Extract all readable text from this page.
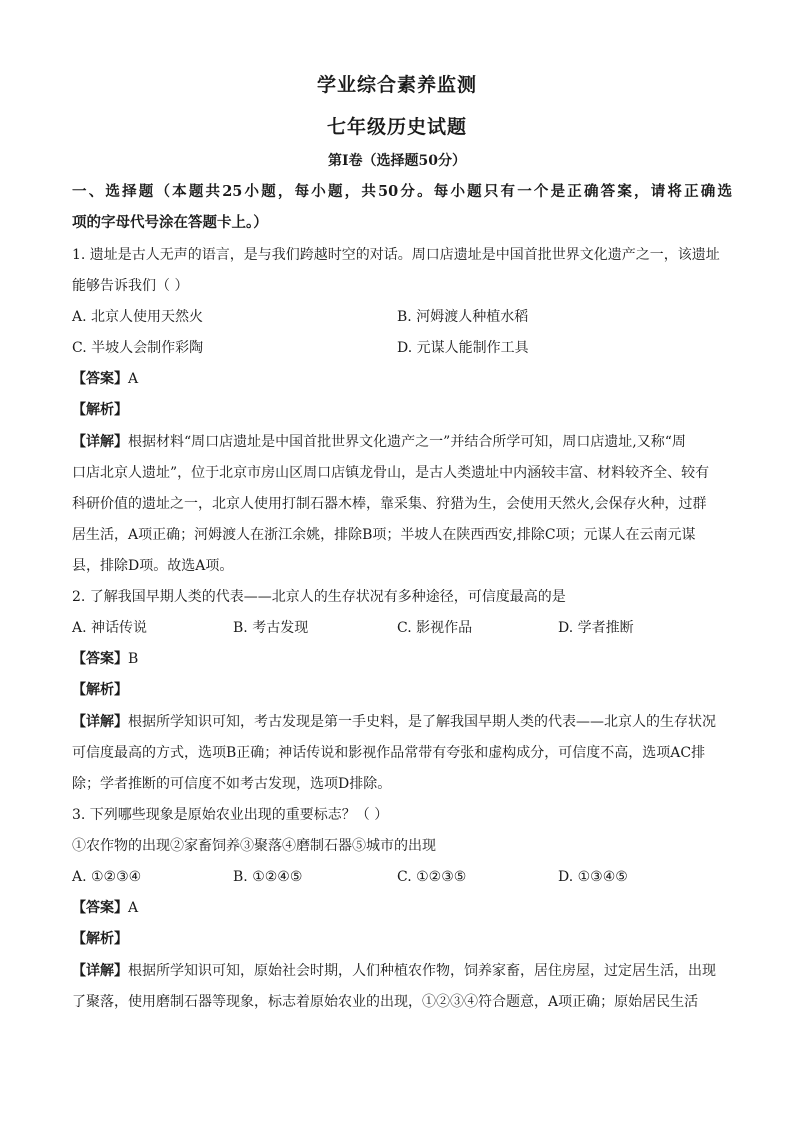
学业综合素养监测
七年级历史试题
第Ⅰ卷（选择题50分）
一、选择题（本题共25小题，每小题，共50分。每小题只有一个是正确答案，请将正确选
项的字母代号涂在答题卡上。）
1. 遗址是古人无声的语言，是与我们跨越时空的对话。周口店遗址是中国首批世界文化遗产之一，该遗址
能够告诉我们（ ）
A. 北京人使用天然火	B. 河姆渡人种植水稻
C. 半坡人会制作彩陶	D. 元谋人能制作工具
【答案】A
【解析】
【详解】根据材料“周口店遗址是中国首批世界文化遗产之一”并结合所学可知，周口店遗址,又称“周
口店北京人遗址”，位于北京市房山区周口店镇龙骨山，是古人类遗址中内涵较丰富、材料较齐全、较有
科研价值的遗址之一，北京人使用打制石器木棒，靠采集、狩猎为生，会使用天然火,会保存火种，过群
居生活，A项正确；河姆渡人在浙江余姚，排除B项；半坡人在陕西西安,排除C项；元谋人在云南元谋
县，排除D项。故选A项。
2. 了解我国早期人类的代表——北京人的生存状况有多种途径，可信度最高的是
A. 神话传说	B. 考古发现	C. 影视作品	D. 学者推断
【答案】B
【解析】
【详解】根据所学知识可知，考古发现是第一手史料，是了解我国早期人类的代表——北京人的生存状况
可信度最高的方式，选项B正确；神话传说和影视作品常带有夸张和虚构成分，可信度不高，选项AC排
除；学者推断的可信度不如考古发现，选项D排除。
3. 下列哪些现象是原始农业出现的重要标志？（ ）
①农作物的出现②家畜饲养③聚落④磨制石器⑤城市的出现
A. ①②③④	B. ①②④⑤	C. ①②③⑤	D. ①③④⑤
【答案】A
【解析】
【详解】根据所学知识可知，原始社会时期，人们种植农作物，饲养家畜，居住房屋，过定居生活，出现
了聚落，使用磨制石器等现象，标志着原始农业的出现，①②③④符合题意，A项正确；原始居民生活
